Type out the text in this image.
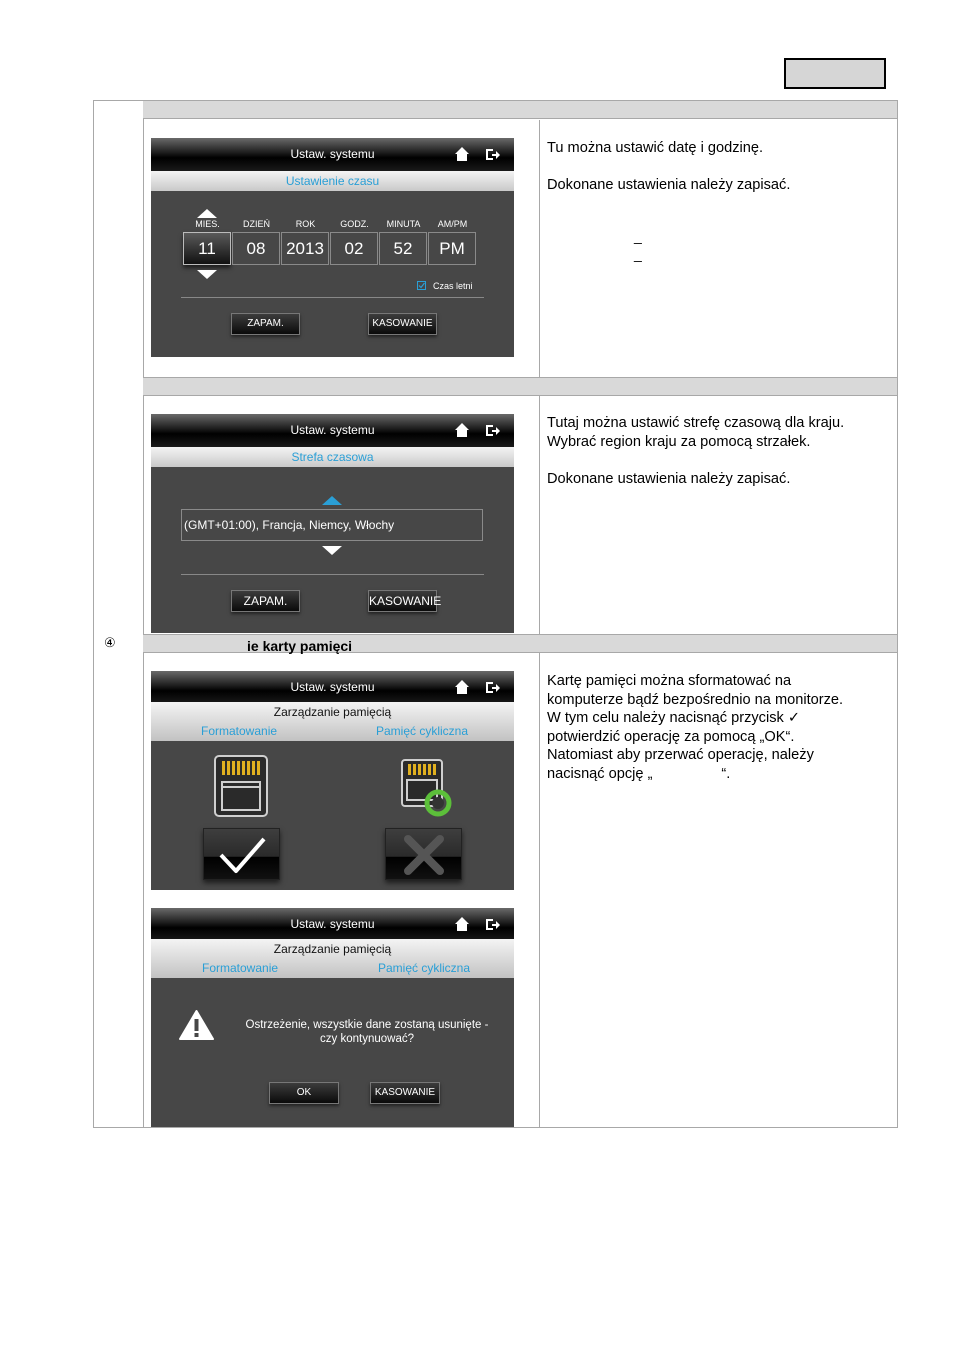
ie karty pamięci
④
Ustaw. systemu
Ustawienie czasu
MIES.	DZIEŃ	ROK	GODZ.	MINUTA	AM/PM
11	08	2013	02	52	PM
Czas letni
ZAPAM.	KASOWANIE

Tu można ustawić datę i godzinę.

Dokonane ustawienia należy zapisać.

_
_
Ustaw. systemu
Strefa czasowa
(GMT+01:00), Francja, Niemcy, Włochy
ZAPAM.	KASOWANIE

Tutaj można ustawić strefę czasową dla kraju.

Wybrać region kraju za pomocą strzałek.

Dokonane ustawienia należy zapisać.

Ustaw. systemu
Zarządzanie pamięcią
Formatowanie	Pamięć cykliczna
Ustaw. systemu
Zarządzanie pamięcią
Formatowanie	Pamięć cykliczna
Ostrzeżenie, wszystkie dane zostaną usunięte -
czy kontynuować?
OK	KASOWANIE

Kartę pamięci można sformatować na

komputerze bądź bezpośrednio na monitorze.

W tym celu należy nacisnąć przycisk ✓

potwierdzić operację za pomocą „OK“.

Natomiast aby przerwać operację, należy

nacisnąć opcję „                 “.
